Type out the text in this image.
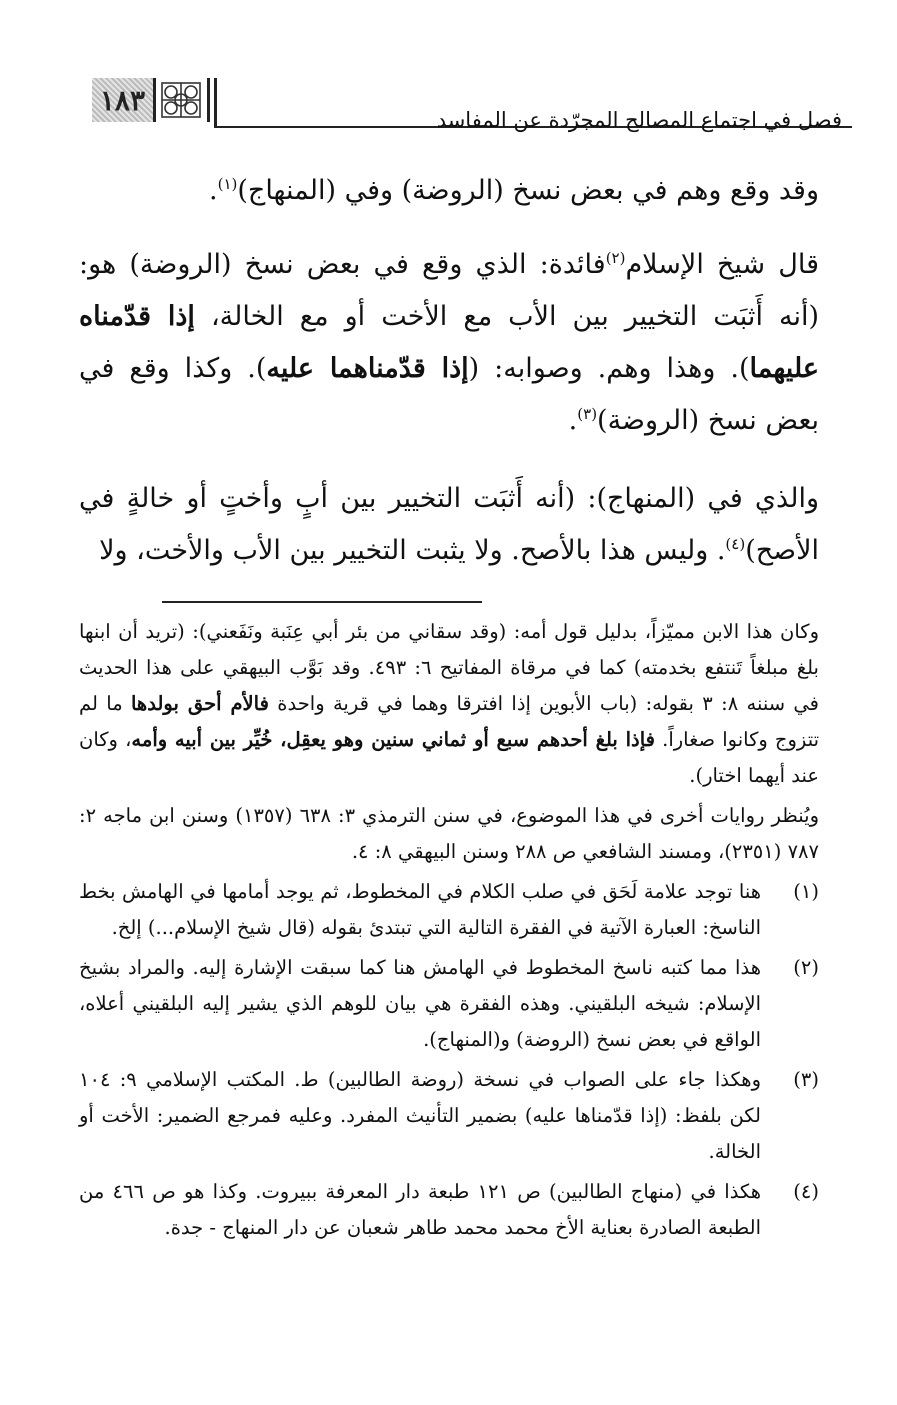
١٨٣
فصل في اجتماع المصالح المجرّدة عن المفاسد

وقد وقع وهم في بعض نسخ (الروضة) وفي (المنهاج)$^{(١)}$.

قال شيخ الإسلام$^{(٢)}$فائدة: الذي وقع في بعض نسخ (الروضة) هو: (أنه أَثبَت التخيير بين الأب مع الأخت أو مع الخالة، إذا قدّمناه عليهما). وهذا وهم. وصوابه: (إذا قدّمناهما عليه). وكذا وقع في بعض نسخ (الروضة)$^{(٣)}$.

والذي في (المنهاج): (أنه أَثبَت التخيير بين أبٍ وأختٍ أو خالةٍ في الأصح)$^{(٤)}$. وليس هذا بالأصح. ولا يثبت التخيير بين الأب والأخت، ولا

وكان هذا الابن مميّزاً، بدليل قول أمه: (وقد سقاني من بئر أبي عِنَبة ونَفَعني): (تريد أن ابنها بلغ مبلغاً تَنتفع بخدمته) كما في مرقاة المفاتيح ٦: ٤٩٣. وقد بَوَّب البيهقي على هذا الحديث في سننه ٨: ٣ بقوله: (باب الأبوين إذا افترقا وهما في قرية واحدة فالأم أحق بولدها ما لم تتزوج وكانوا صغاراً. فإذا بلغ أحدهم سبع أو ثماني سنين وهو يعقِل، خُيِّر بين أبيه وأمه، وكان عند أيهما اختار).

ويُنظر روايات أخرى في هذا الموضوع، في سنن الترمذي ٣: ٦٣٨ (١٣٥٧) وسنن ابن ماجه ٢: ٧٨٧ (٢٣٥١)، ومسند الشافعي ص ٢٨٨ وسنن البيهقي ٨: ٤.

(١)
هنا توجد علامة لَحَق في صلب الكلام في المخطوط، ثم يوجد أمامها في الهامش بخط الناسخ: العبارة الآتية في الفقرة التالية التي تبتدئ بقوله (قال شيخ الإسلام...) إلخ.
(٢)
هذا مما كتبه ناسخ المخطوط في الهامش هنا كما سبقت الإشارة إليه. والمراد بشيخ الإسلام: شيخه البلقيني. وهذه الفقرة هي بيان للوهم الذي يشير إليه البلقيني أعلاه، الواقع في بعض نسخ (الروضة) و(المنهاج).
(٣)
وهكذا جاء على الصواب في نسخة (روضة الطالبين) ط. المكتب الإسلامي ٩: ١٠٤ لكن بلفظ: (إذا قدّمناها عليه) بضمير التأنيث المفرد. وعليه فمرجع الضمير: الأخت أو الخالة.
(٤)
هكذا في (منهاج الطالبين) ص ١٢١ طبعة دار المعرفة ببيروت. وكذا هو ص ٤٦٦ من الطبعة الصادرة بعناية الأخ محمد محمد طاهر شعبان عن دار المنهاج - جدة.
